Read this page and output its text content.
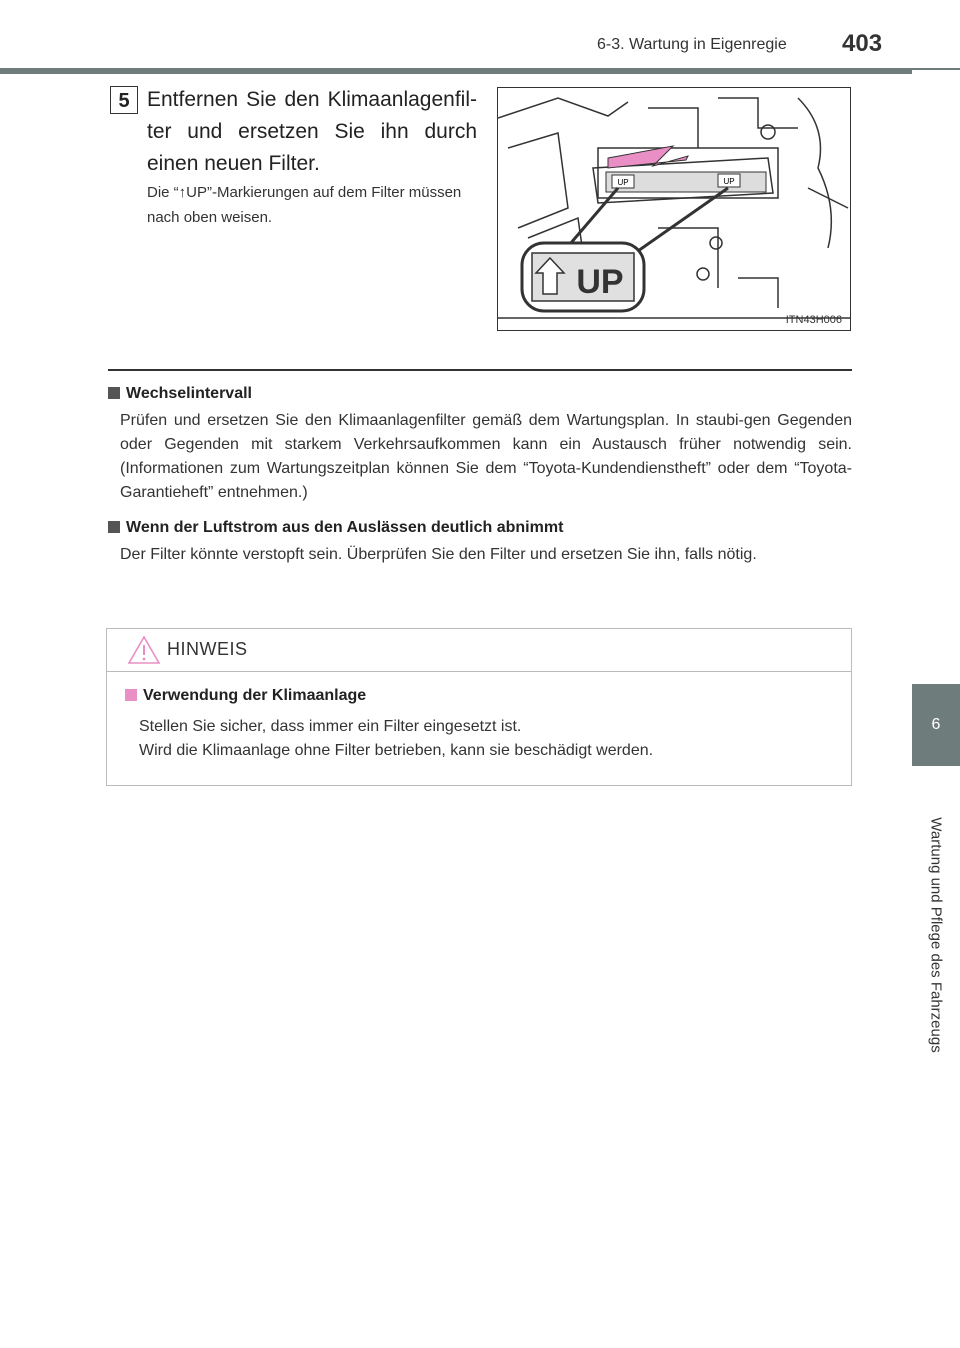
6-3. Wartung in Eigenregie 403
6
Wartung und Pflege des Fahrzeugs
5 Entfernen Sie den Klimaanlagenfil-ter und ersetzen Sie ihn durch einen neuen Filter.
Die “↑UP”-Markierungen auf dem Filter müssen nach oben weisen.
UP	UP
UP
ITN43H006
Wechselintervall
Prüfen und ersetzen Sie den Klimaanlagenfilter gemäß dem Wartungsplan. In staubi-gen Gegenden oder Gegenden mit starkem Verkehrsaufkommen kann ein Austausch früher notwendig sein. (Informationen zum Wartungszeitplan können Sie dem “Toyota-Kundendienstheft” oder dem “Toyota-Garantieheft” entnehmen.)
Wenn der Luftstrom aus den Auslässen deutlich abnimmt
Der Filter könnte verstopft sein. Überprüfen Sie den Filter und ersetzen Sie ihn, falls nötig.
HINWEIS
Verwendung der Klimaanlage
Stellen Sie sicher, dass immer ein Filter eingesetzt ist.
Wird die Klimaanlage ohne Filter betrieben, kann sie beschädigt werden.
